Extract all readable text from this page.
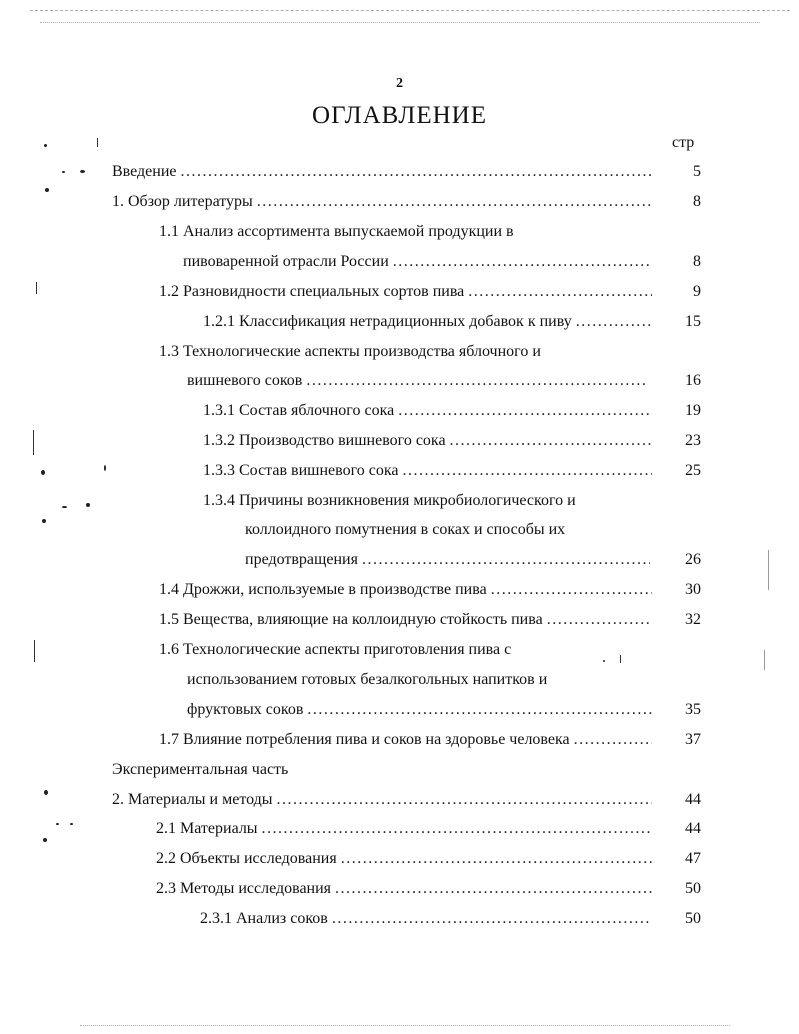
2
ОГЛАВЛЕНИЕ
стр
Введение .....	5
1. Обзор литературы .....	8
1.1 Анализ ассортимента выпускаемой продукции в
пивоваренной отрасли России .....	8
1.2 Разновидности специальных сортов пива .....	9
1.2.1 Классификация нетрадиционных добавок к пиву .....	15
1.3 Технологические аспекты производства яблочного и
вишневого соков .....	16
1.3.1 Состав яблочного сока .....	19
1.3.2 Производство вишневого сока .....	23
1.3.3 Состав вишневого сока .....	25
1.3.4 Причины возникновения микробиологического и
коллоидного помутнения в соках и способы их
предотвращения .....	26
1.4 Дрожжи, используемые в производстве пива .....	30
1.5 Вещества, влияющие на коллоидную стойкость пива .....	32
1.6 Технологические аспекты приготовления пива с
использованием готовых безалкогольных напитков и
фруктовых соков .....	35
1.7 Влияние потребления пива и соков на здоровье человека .....	37
Экспериментальная часть
2. Материалы и методы .....	44
2.1 Материалы .....	44
2.2 Объекты исследования .....	47
2.3 Методы исследования .....	50
2.3.1 Анализ соков .....	50
